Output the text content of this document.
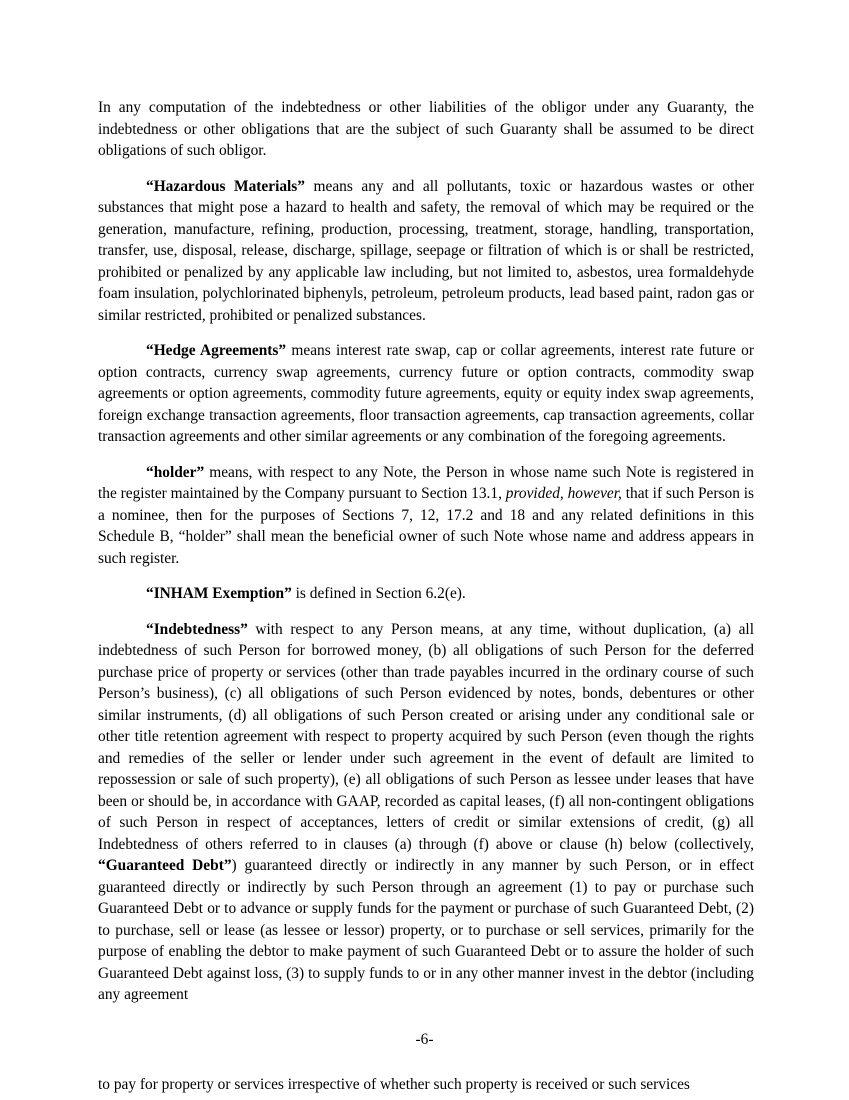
In any computation of the indebtedness or other liabilities of the obligor under any Guaranty, the indebtedness or other obligations that are the subject of such Guaranty shall be assumed to be direct obligations of such obligor.

“Hazardous Materials” means any and all pollutants, toxic or hazardous wastes or other substances that might pose a hazard to health and safety, the removal of which may be required or the generation, manufacture, refining, production, processing, treatment, storage, handling, transportation, transfer, use, disposal, release, discharge, spillage, seepage or filtration of which is or shall be restricted, prohibited or penalized by any applicable law including, but not limited to, asbestos, urea formaldehyde foam insulation, polychlorinated biphenyls, petroleum, petroleum products, lead based paint, radon gas or similar restricted, prohibited or penalized substances.

“Hedge Agreements” means interest rate swap, cap or collar agreements, interest rate future or option contracts, currency swap agreements, currency future or option contracts, commodity swap agreements or option agreements, commodity future agreements, equity or equity index swap agreements, foreign exchange transaction agreements, floor transaction agreements, cap transaction agreements, collar transaction agreements and other similar agreements or any combination of the foregoing agreements.

“holder” means, with respect to any Note, the Person in whose name such Note is registered in the register maintained by the Company pursuant to Section 13.1, provided, however, that if such Person is a nominee, then for the purposes of Sections 7, 12, 17.2 and 18 and any related definitions in this Schedule B, “holder” shall mean the beneficial owner of such Note whose name and address appears in such register.

“INHAM Exemption” is defined in Section 6.2(e).

“Indebtedness” with respect to any Person means, at any time, without duplication, (a) all indebtedness of such Person for borrowed money, (b) all obligations of such Person for the deferred purchase price of property or services (other than trade payables incurred in the ordinary course of such Person’s business), (c) all obligations of such Person evidenced by notes, bonds, debentures or other similar instruments, (d) all obligations of such Person created or arising under any conditional sale or other title retention agreement with respect to property acquired by such Person (even though the rights and remedies of the seller or lender under such agreement in the event of default are limited to repossession or sale of such property), (e) all obligations of such Person as lessee under leases that have been or should be, in accordance with GAAP, recorded as capital leases, (f) all non-contingent obligations of such Person in respect of acceptances, letters of credit or similar extensions of credit, (g) all Indebtedness of others referred to in clauses (a) through (f) above or clause (h) below (collectively, “Guaranteed Debt”) guaranteed directly or indirectly in any manner by such Person, or in effect guaranteed directly or indirectly by such Person through an agreement (1) to pay or purchase such Guaranteed Debt or to advance or supply funds for the payment or purchase of such Guaranteed Debt, (2) to purchase, sell or lease (as lessee or lessor) property, or to purchase or sell services, primarily for the purpose of enabling the debtor to make payment of such Guaranteed Debt or to assure the holder of such Guaranteed Debt against loss, (3) to supply funds to or in any other manner invest in the debtor (including any agreement

-6-
to pay for property or services irrespective of whether such property is received or such services
